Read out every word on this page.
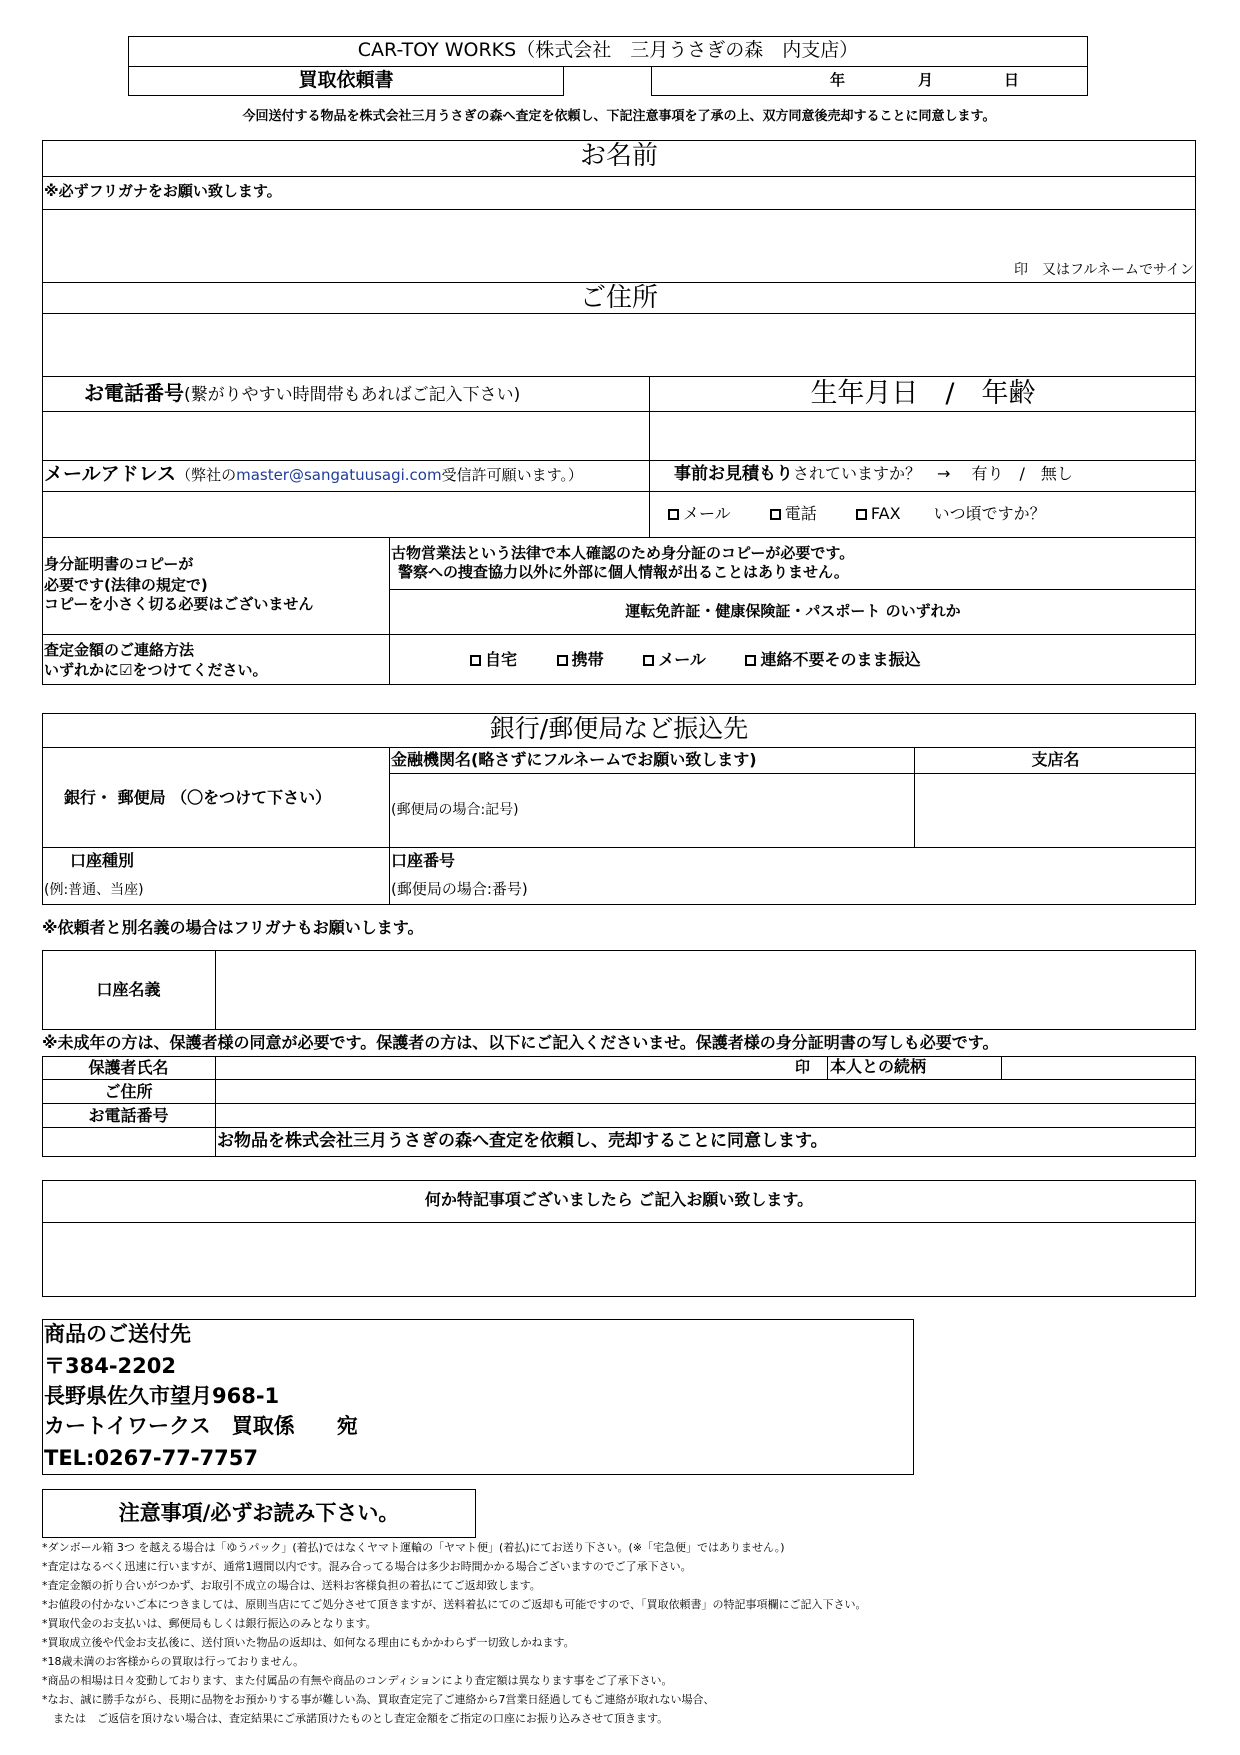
CAR-TOY WORKS（株式会社　三月うさぎの森　内支店）
買取依頼書	年	月	日
今回送付する物品を株式会社三月うさぎの森へ査定を依頼し、下記注意事項を了承の上、双方同意後売却することに同意します。
お名前
※必ずフリガナをお願い致します。
印　又はフルネームでサイン
ご住所
お電話番号(繋がりやすい時間帯もあればご記入下さい)	生年月日　/　年齢
メールアドレス（弊社のmaster@sangatuusagi.com受信許可願います。）	事前お見積もりされていますか？　→　 有り　/　無し
メール	電話	FAX いつ頃ですか？
身分証明書のコピーが
必要です(法律の規定で)
コピーを小さく切る必要はございません
古物営業法という法律で本人確認のため身分証のコピーが必要です。
警察への捜査協力以外に外部に個人情報が出ることはありません。
運転免許証・健康保険証・パスポート のいずれか
査定金額のご連絡方法
いずれかに☑をつけてください。
自宅	携帯	メール	連絡不要そのまま振込
銀行/郵便局など振込先
銀行・ 郵便局 （〇をつけて下さい）
金融機関名(略さずにフルネームでお願い致します)	支店名
(郵便局の場合:記号)
口座種別
(例:普通、当座)
口座番号
(郵便局の場合:番号)
※依頼者と別名義の場合はフリガナもお願いします。
口座名義
※未成年の方は、保護者様の同意が必要です。保護者の方は、以下にご記入くださいませ。保護者様の身分証明書の写しも必要です。
保護者氏名	印 本人との続柄
ご住所
お電話番号
お物品を株式会社三月うさぎの森へ査定を依頼し、売却することに同意します。
何か特記事項ございましたら ご記入お願い致します。
商品のご送付先
〒384-2202
長野県佐久市望月968-1
カートイワークス　買取係　　宛
TEL:0267-77-7757
注意事項/必ずお読み下さい。
*ダンボール箱 3つ を越える場合は「ゆうパック」(着払)ではなくヤマト運輸の「ヤマト便」(着払)にてお送り下さい。(※「宅急便」ではありません。)
*査定はなるべく迅速に行いますが、通常1週間以内です。混み合ってる場合は多少お時間かかる場合ございますのでご了承下さい。
*査定金額の折り合いがつかず、お取引不成立の場合は、送料お客様負担の着払にてご返却致します。
*お値段の付かないご本につきましては、原則当店にてご処分させて頂きますが、送料着払にてのご返却も可能ですので、「買取依頼書」の特記事項欄にご記入下さい。
*買取代金のお支払いは、郵便局もしくは銀行振込のみとなります。
*買取成立後や代金お支払後に、送付頂いた物品の返却は、如何なる理由にもかかわらず一切致しかねます。
*18歳未満のお客様からの買取は行っておりません。
*商品の相場は日々変動しております、また付属品の有無や商品のコンディションにより査定額は異なります事をご了承下さい。
*なお、誠に勝手ながら、長期に品物をお預かりする事が難しい為、買取査定完了ご連絡から7営業日経過してもご連絡が取れない場合、
　または　ご返信を頂けない場合は、査定結果にご承諾頂けたものとし査定金額をご指定の口座にお振り込みさせて頂きます。
